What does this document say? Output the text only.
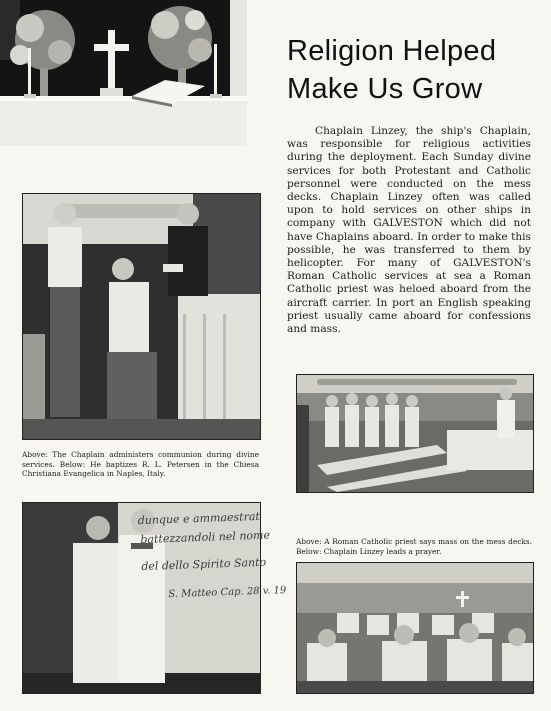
Religion Helped
Make Us Grow

Chaplain Linzey, the ship's Chaplain, was responsible for religious activities during the deployment. Each Sunday divine services for both Protestant and Catholic personnel were conducted on the mess decks. Chaplain Linzey often was called upon to hold services on other ships in company with GALVESTON which did not have Chaplains aboard. In order to make this possible, he was transferred to them by helicopter. For many of GALVESTON's Roman Catholic services at sea a Roman Catholic priest was heloed aboard from the aircraft carrier. In port an English speaking priest usually came aboard for confessions and mass.

Above: The Chaplain administers communion during divine services. Below: He baptizes R. L. Petersen in the Chiesa Christiana Evangelica in Naples, Italy.

dunque e ammaestrat
battezzandoli nel nome
del dello Spirito Santo
S. Matteo Cap. 28 v. 19

Above: A Roman Catholic priest says mass on the mess decks. Below: Chaplain Linzey leads a prayer.
